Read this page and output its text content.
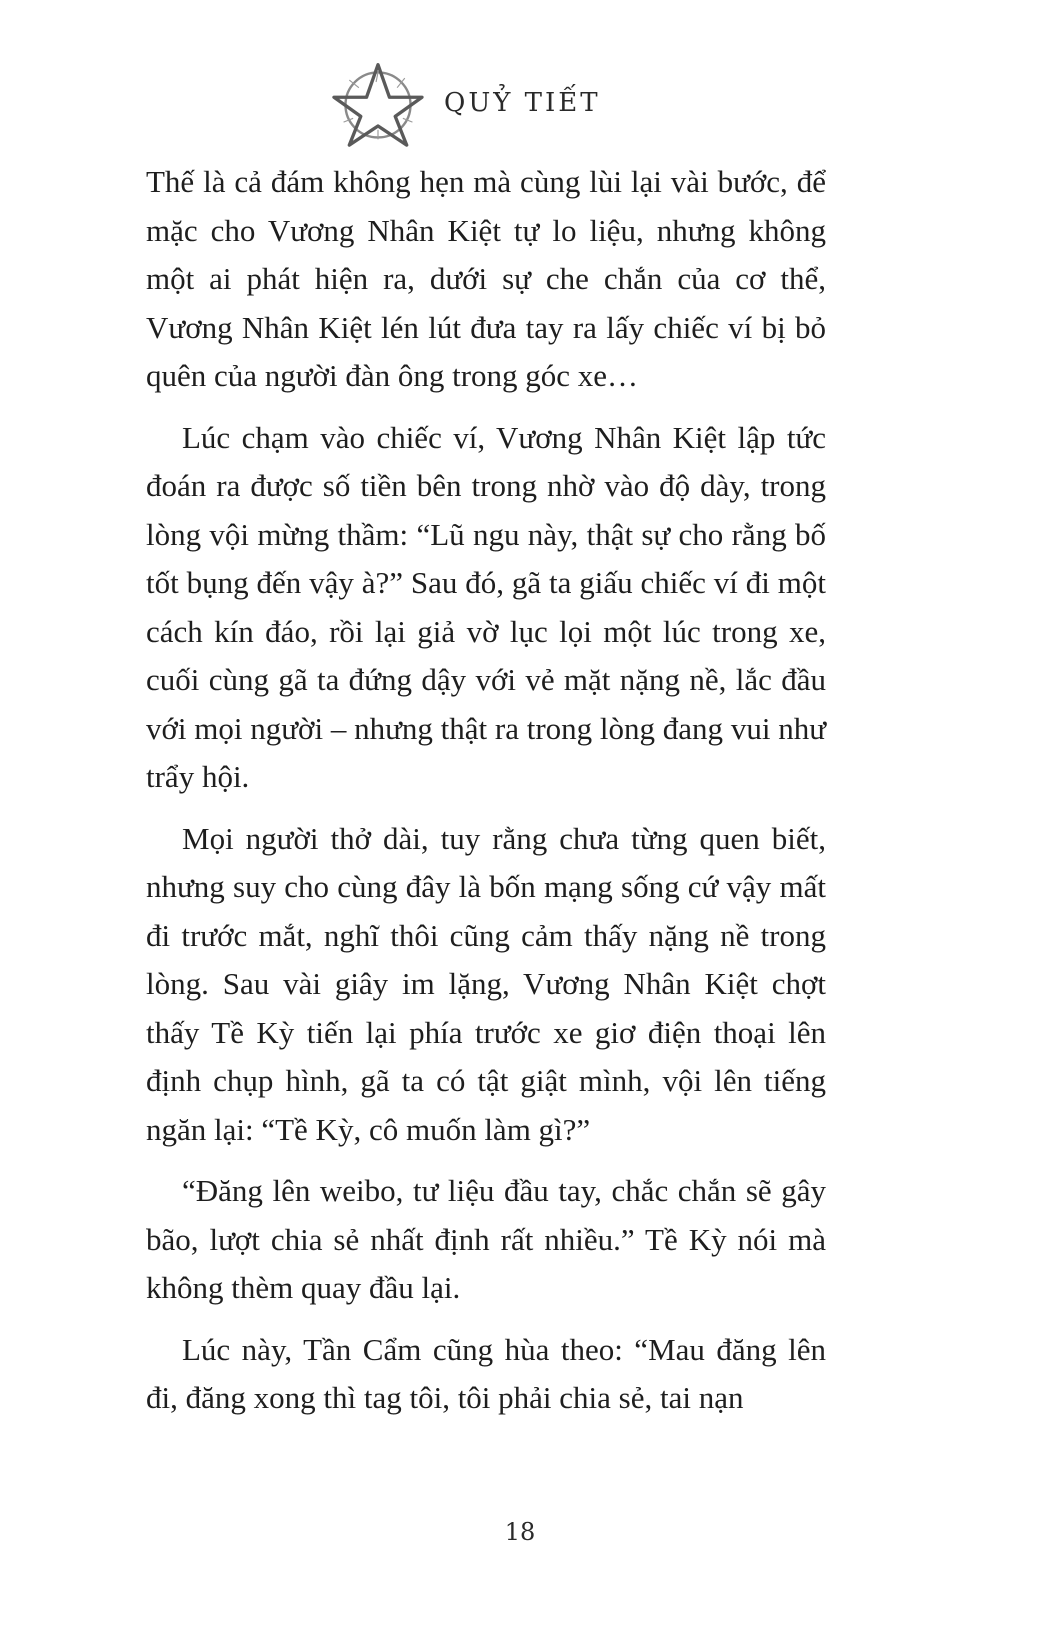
QUỶ TIẾT

Thế là cả đám không hẹn mà cùng lùi lại vài bước, để mặc cho Vương Nhân Kiệt tự lo liệu, nhưng không một ai phát hiện ra, dưới sự che chắn của cơ thể, Vương Nhân Kiệt lén lút đưa tay ra lấy chiếc ví bị bỏ quên của người đàn ông trong góc xe…

Lúc chạm vào chiếc ví, Vương Nhân Kiệt lập tức đoán ra được số tiền bên trong nhờ vào độ dày, trong lòng vội mừng thầm: “Lũ ngu này, thật sự cho rằng bố tốt bụng đến vậy à?” Sau đó, gã ta giấu chiếc ví đi một cách kín đáo, rồi lại giả vờ lục lọi một lúc trong xe, cuối cùng gã ta đứng dậy với vẻ mặt nặng nề, lắc đầu với mọi người – nhưng thật ra trong lòng đang vui như trẩy hội.

Mọi người thở dài, tuy rằng chưa từng quen biết, nhưng suy cho cùng đây là bốn mạng sống cứ vậy mất đi trước mắt, nghĩ thôi cũng cảm thấy nặng nề trong lòng. Sau vài giây im lặng, Vương Nhân Kiệt chợt thấy Tề Kỳ tiến lại phía trước xe giơ điện thoại lên định chụp hình, gã ta có tật giật mình, vội lên tiếng ngăn lại: “Tề Kỳ, cô muốn làm gì?”

“Đăng lên weibo, tư liệu đầu tay, chắc chắn sẽ gây bão, lượt chia sẻ nhất định rất nhiều.” Tề Kỳ nói mà không thèm quay đầu lại.

Lúc này, Tần Cẩm cũng hùa theo: “Mau đăng lên đi, đăng xong thì tag tôi, tôi phải chia sẻ, tai nạn

18
